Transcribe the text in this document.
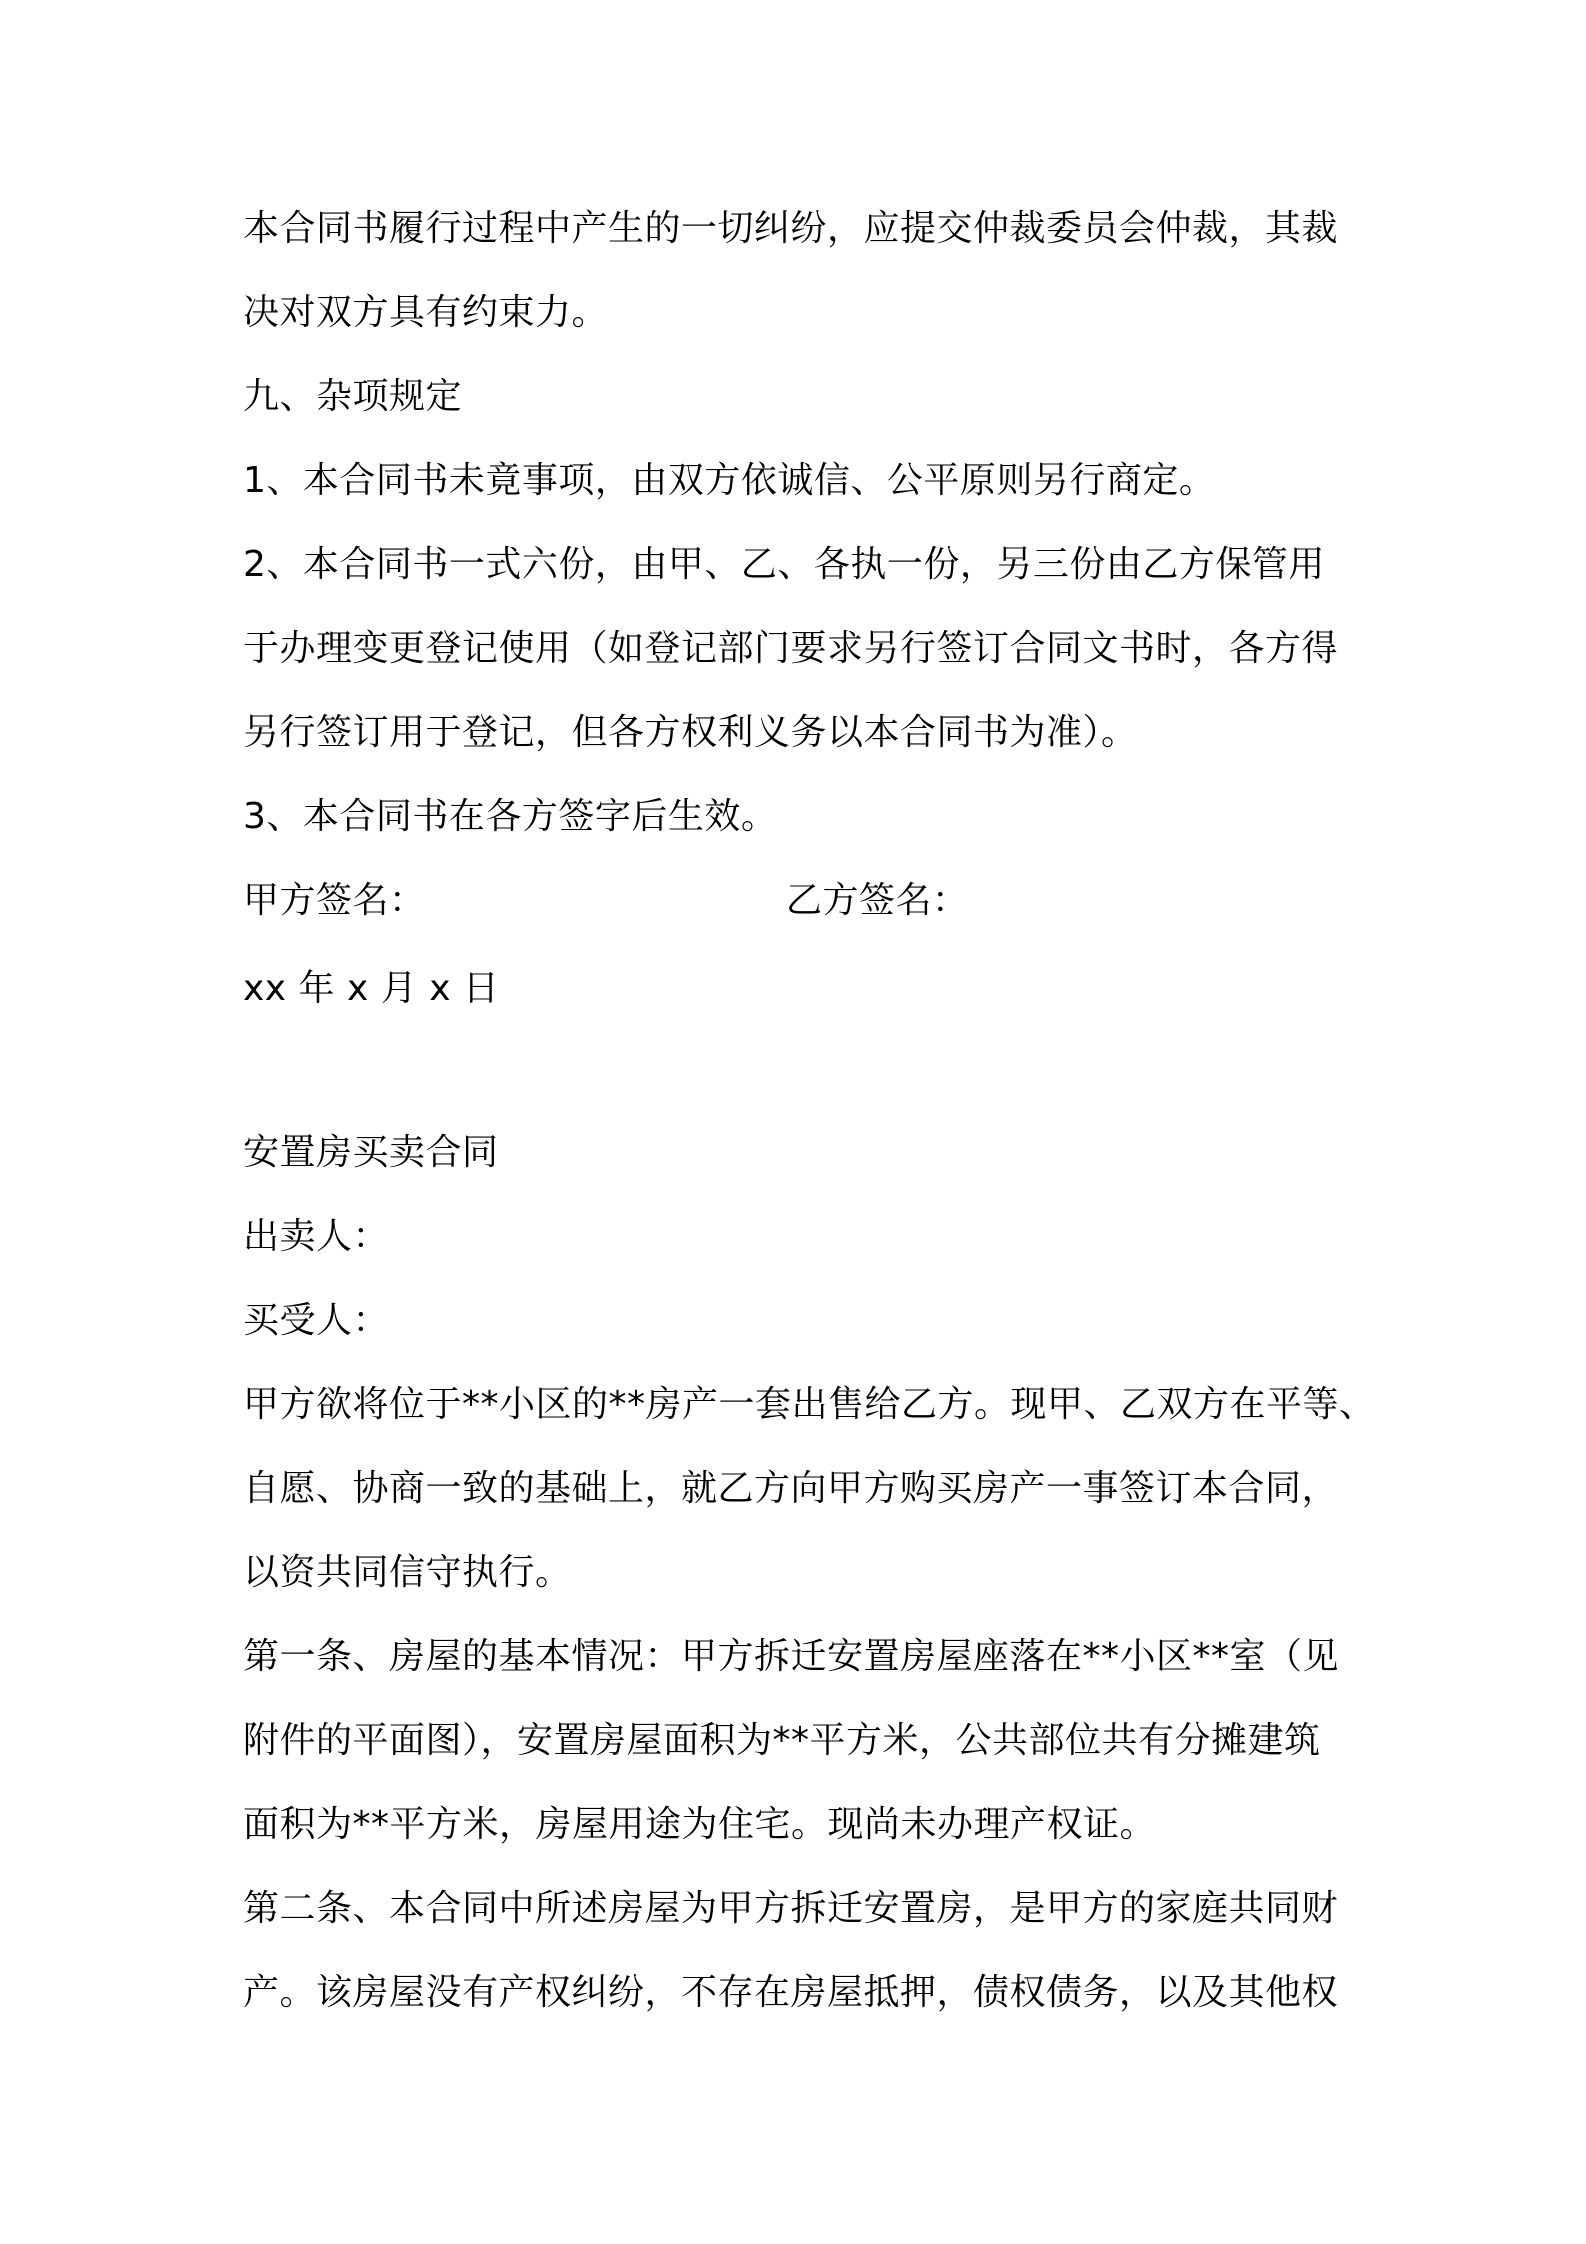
本合同书履行过程中产生的一切纠纷，应提交仲裁委员会仲裁，其裁
决对双方具有约束力。
九、杂项规定
1、本合同书未竟事项，由双方依诚信、公平原则另行商定。
2、本合同书一式六份，由甲、乙、各执一份，另三份由乙方保管用
于办理变更登记使用（如登记部门要求另行签订合同文书时，各方得
另行签订用于登记，但各方权利义务以本合同书为准）。
3、本合同书在各方签字后生效。
甲方签名：	乙方签名：
xx 年 x 月 x 日
安置房买卖合同
出卖人：
买受人：
甲方欲将位于**小区的**房产一套出售给乙方。现甲、乙双方在平等、
自愿、协商一致的基础上，就乙方向甲方购买房产一事签订本合同，
以资共同信守执行。
第一条、房屋的基本情况：甲方拆迁安置房屋座落在**小区**室（见
附件的平面图），安置房屋面积为**平方米，公共部位共有分摊建筑
面积为**平方米，房屋用途为住宅。现尚未办理产权证。
第二条、本合同中所述房屋为甲方拆迁安置房，是甲方的家庭共同财
产。该房屋没有产权纠纷，不存在房屋抵押，债权债务，以及其他权
